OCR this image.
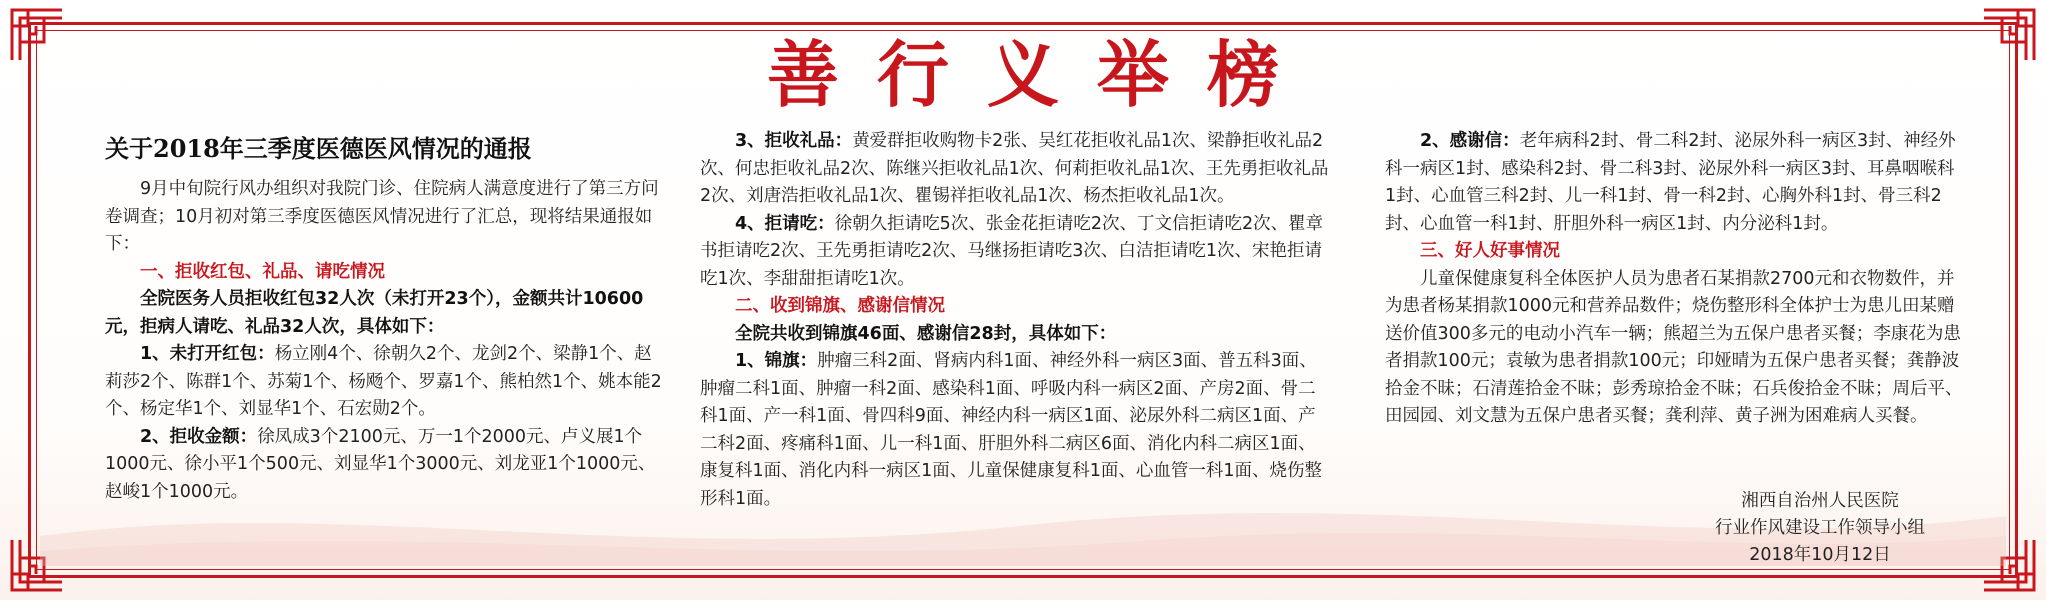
善行义举榜
关于2018年三季度医德医风情况的通报

9月中旬院行风办组织对我院门诊、住院病人满意度进行了第三方问卷调查；10月初对第三季度医德医风情况进行了汇总，现将结果通报如下：

一、拒收红包、礼品、请吃情况

全院医务人员拒收红包32人次（未打开23个），金额共计10600元，拒病人请吃、礼品32人次，具体如下：

1、未打开红包：杨立刚4个、徐朝久2个、龙剑2个、梁静1个、赵莉莎2个、陈群1个、苏菊1个、杨飏个、罗嘉1个、熊柏然1个、姚本能2个、杨定华1个、刘显华1个、石宏勋2个。

2、拒收金额：徐凤成3个2100元、万一1个2000元、卢义展1个1000元、徐小平1个500元、刘显华1个3000元、刘龙亚1个1000元、赵峻1个1000元。

3、拒收礼品：黄爱群拒收购物卡2张、吴红花拒收礼品1次、梁静拒收礼品2次、何忠拒收礼品2次、陈继兴拒收礼品1次、何莉拒收礼品1次、王先勇拒收礼品2次、刘唐浩拒收礼品1次、瞿锡祥拒收礼品1次、杨杰拒收礼品1次。

4、拒请吃：徐朝久拒请吃5次、张金花拒请吃2次、丁文信拒请吃2次、瞿章书拒请吃2次、王先勇拒请吃2次、马继扬拒请吃3次、白洁拒请吃1次、宋艳拒请吃1次、李甜甜拒请吃1次。

二、收到锦旗、感谢信情况

全院共收到锦旗46面、感谢信28封，具体如下：

1、锦旗：肿瘤三科2面、肾病内科1面、神经外科一病区3面、普五科3面、肿瘤二科1面、肿瘤一科2面、感染科1面、呼吸内科一病区2面、产房2面、骨二科1面、产一科1面、骨四科9面、神经内科一病区1面、泌尿外科二病区1面、产二科2面、疼痛科1面、儿一科1面、肝胆外科二病区6面、消化内科二病区1面、康复科1面、消化内科一病区1面、儿童保健康复科1面、心血管一科1面、烧伤整形科1面。

2、感谢信：老年病科2封、骨二科2封、泌尿外科一病区3封、神经外科一病区1封、感染科2封、骨二科3封、泌尿外科一病区3封、耳鼻咽喉科1封、心血管三科2封、儿一科1封、骨一科2封、心胸外科1封、骨三科2封、心血管一科1封、肝胆外科一病区1封、内分泌科1封。

三、好人好事情况

儿童保健康复科全体医护人员为患者石某捐款2700元和衣物数件，并为患者杨某捐款1000元和营养品数件；烧伤整形科全体护士为患儿田某赠送价值300多元的电动小汽车一辆；熊超兰为五保户患者买餐；李康花为患者捐款100元；袁敏为患者捐款100元；印娅晴为五保户患者买餐；龚静波拾金不昧；石清莲拾金不昧；彭秀琼拾金不昧；石兵俊拾金不昧；周后平、田园园、刘文慧为五保户患者买餐；龚利萍、黄子洲为困难病人买餐。

湘西自治州人民医院
行业作风建设工作领导小组
2018年10月12日
